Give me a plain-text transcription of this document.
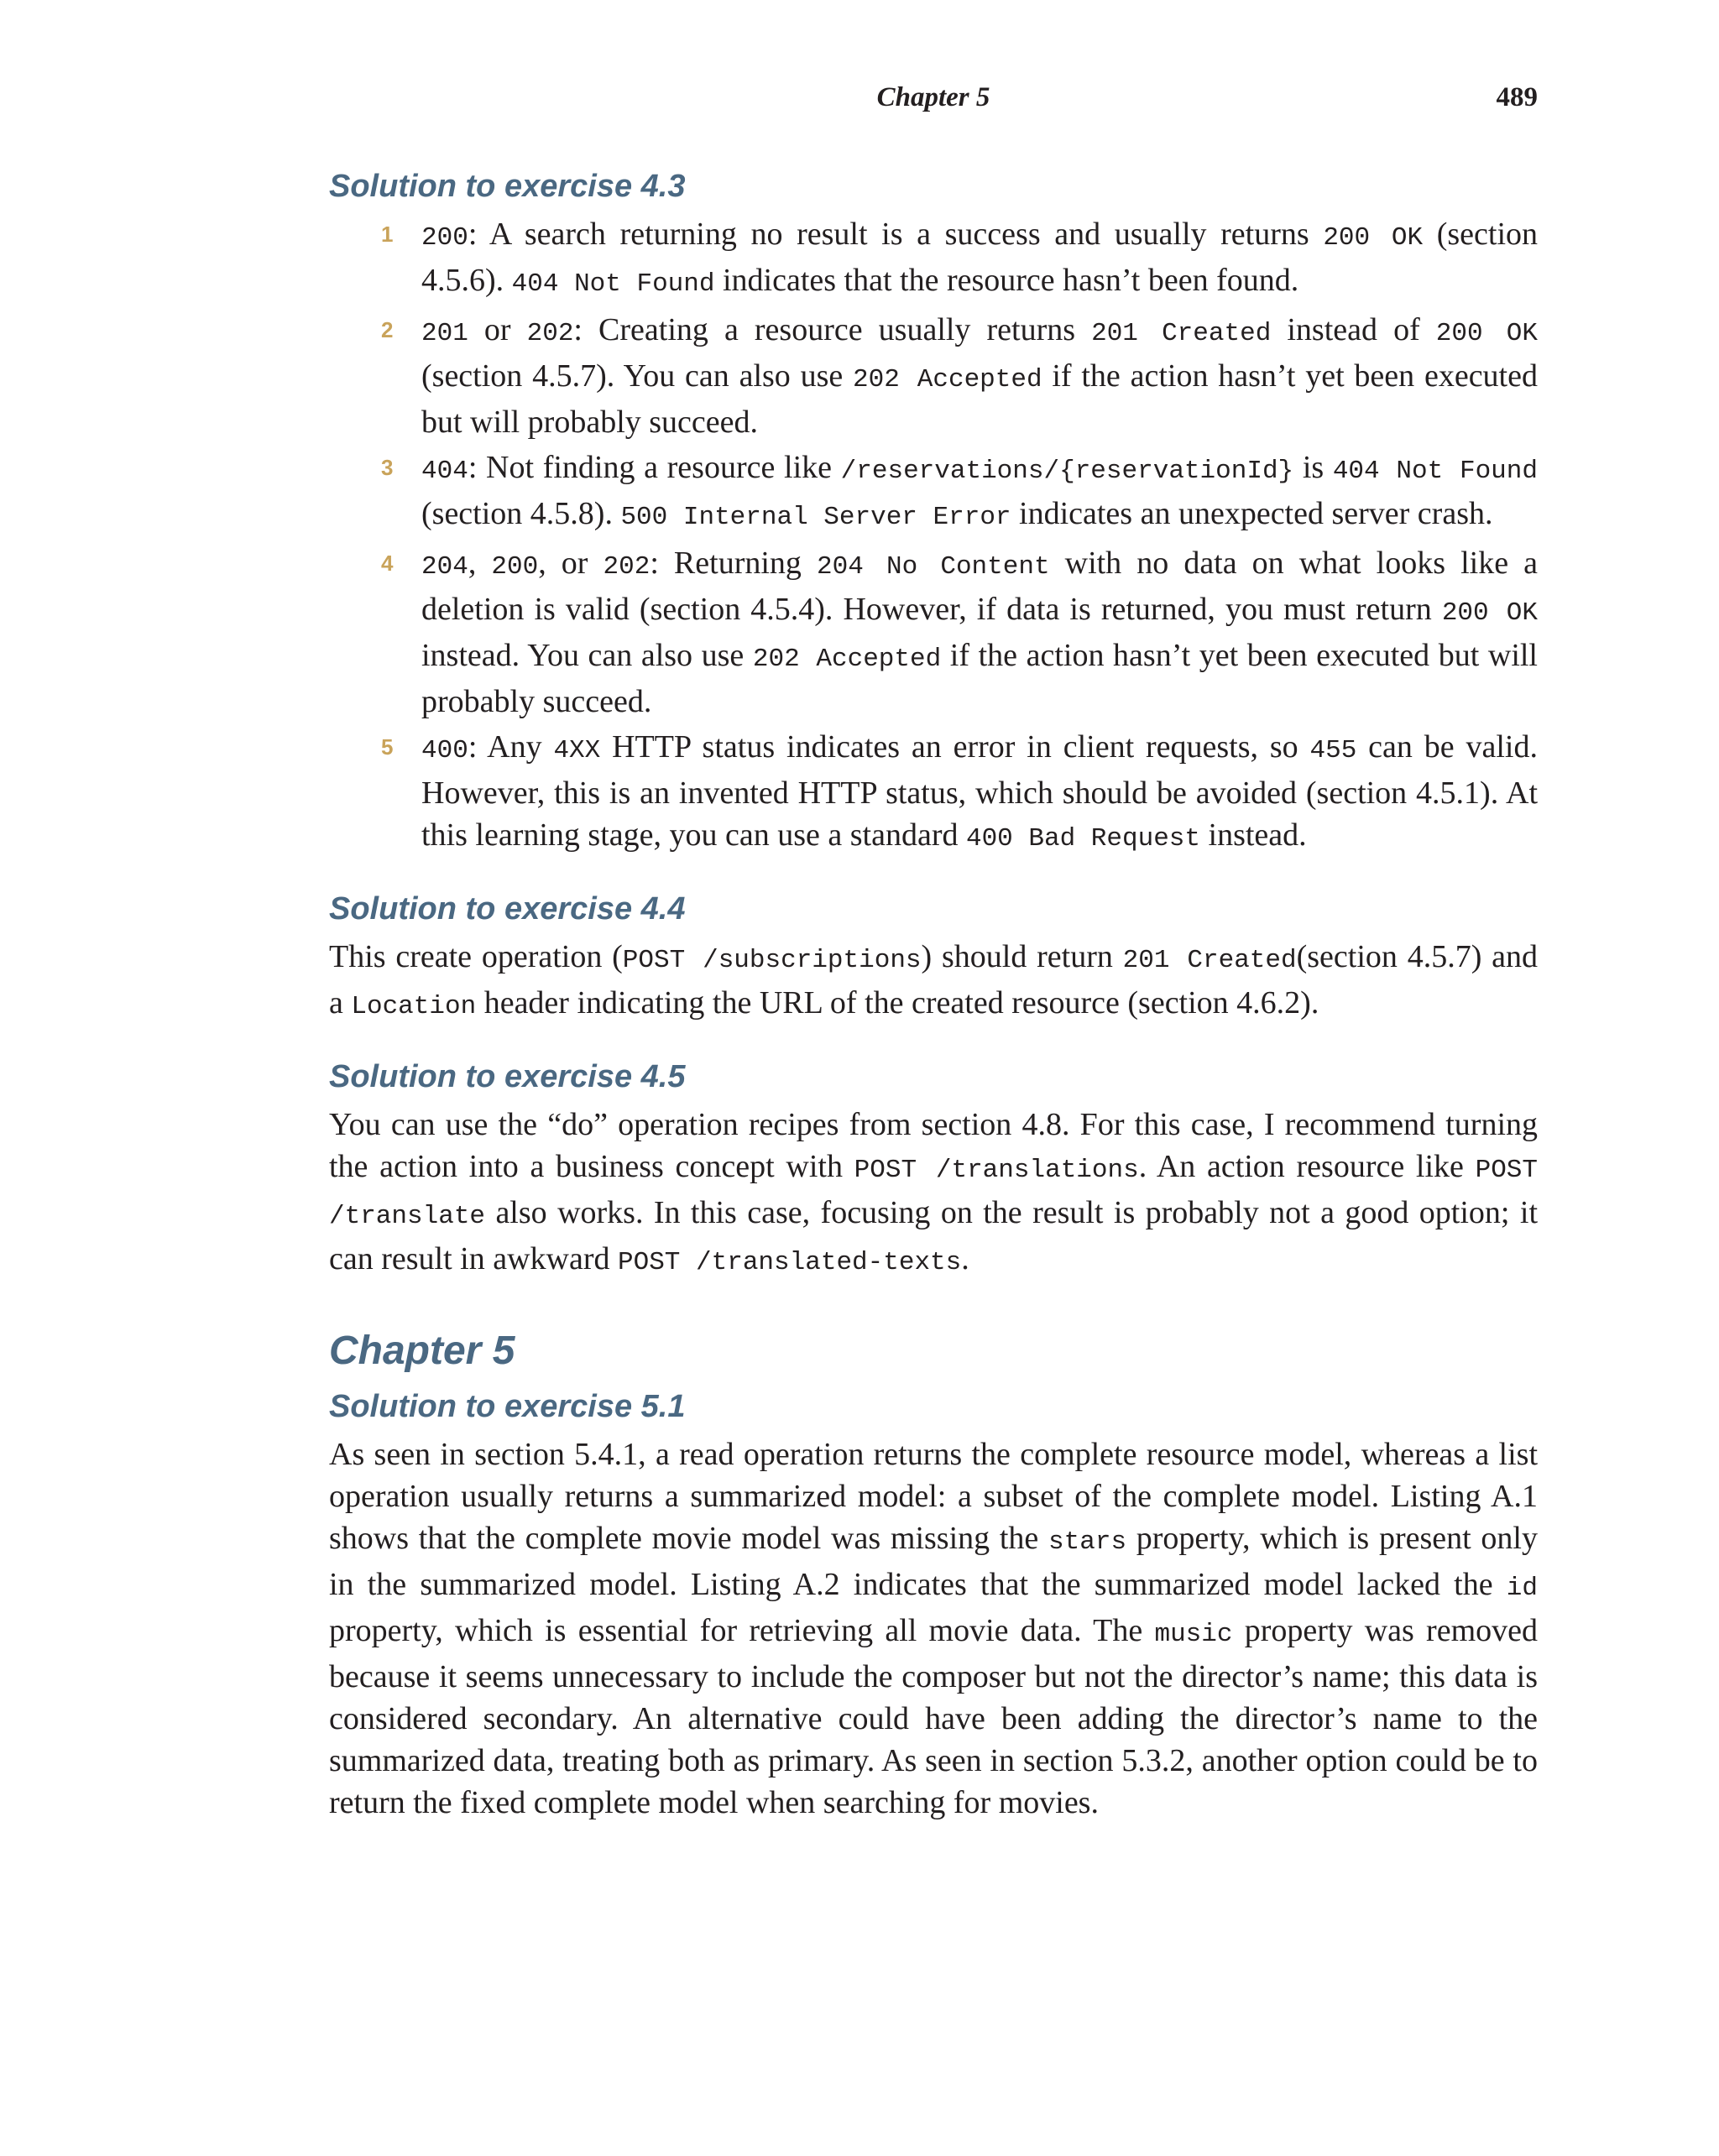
Chapter 5	489
Solution to exercise 4.3
1 200: A search returning no result is a success and usually returns 200 OK (section 4.5.6). 404 Not Found indicates that the resource hasn’t been found.
2 201 or 202: Creating a resource usually returns 201 Created instead of 200 OK (section 4.5.7). You can also use 202 Accepted if the action hasn’t yet been executed but will probably succeed.
3 404: Not finding a resource like /reservations/{reservationId} is 404 Not Found (section 4.5.8). 500 Internal Server Error indicates an unexpected server crash.
4 204, 200, or 202: Returning 204 No Content with no data on what looks like a deletion is valid (section 4.5.4). However, if data is returned, you must return 200 OK instead. You can also use 202 Accepted if the action hasn’t yet been executed but will probably succeed.
5 400: Any 4XX HTTP status indicates an error in client requests, so 455 can be valid. However, this is an invented HTTP status, which should be avoided (section 4.5.1). At this learning stage, you can use a standard 400 Bad Request instead.
Solution to exercise 4.4

This create operation (POST /subscriptions) should return 201 Created(section 4.5.7) and a Location header indicating the URL of the created resource (section 4.6.2).

Solution to exercise 4.5

You can use the “do” operation recipes from section 4.8. For this case, I recommend turning the action into a business concept with POST /translations. An action resource like POST /translate also works. In this case, focusing on the result is probably not a good option; it can result in awkward POST /translated-texts.

Chapter 5
Solution to exercise 5.1

As seen in section 5.4.1, a read operation returns the complete resource model, whereas a list operation usually returns a summarized model: a subset of the complete model. Listing A.1 shows that the complete movie model was missing the stars property, which is present only in the summarized model. Listing A.2 indicates that the summarized model lacked the id property, which is essential for retrieving all movie data. The music property was removed because it seems unnecessary to include the composer but not the director’s name; this data is considered secondary. An alternative could have been adding the director’s name to the summarized data, treating both as primary. As seen in section 5.3.2, another option could be to return the fixed complete model when searching for movies.
